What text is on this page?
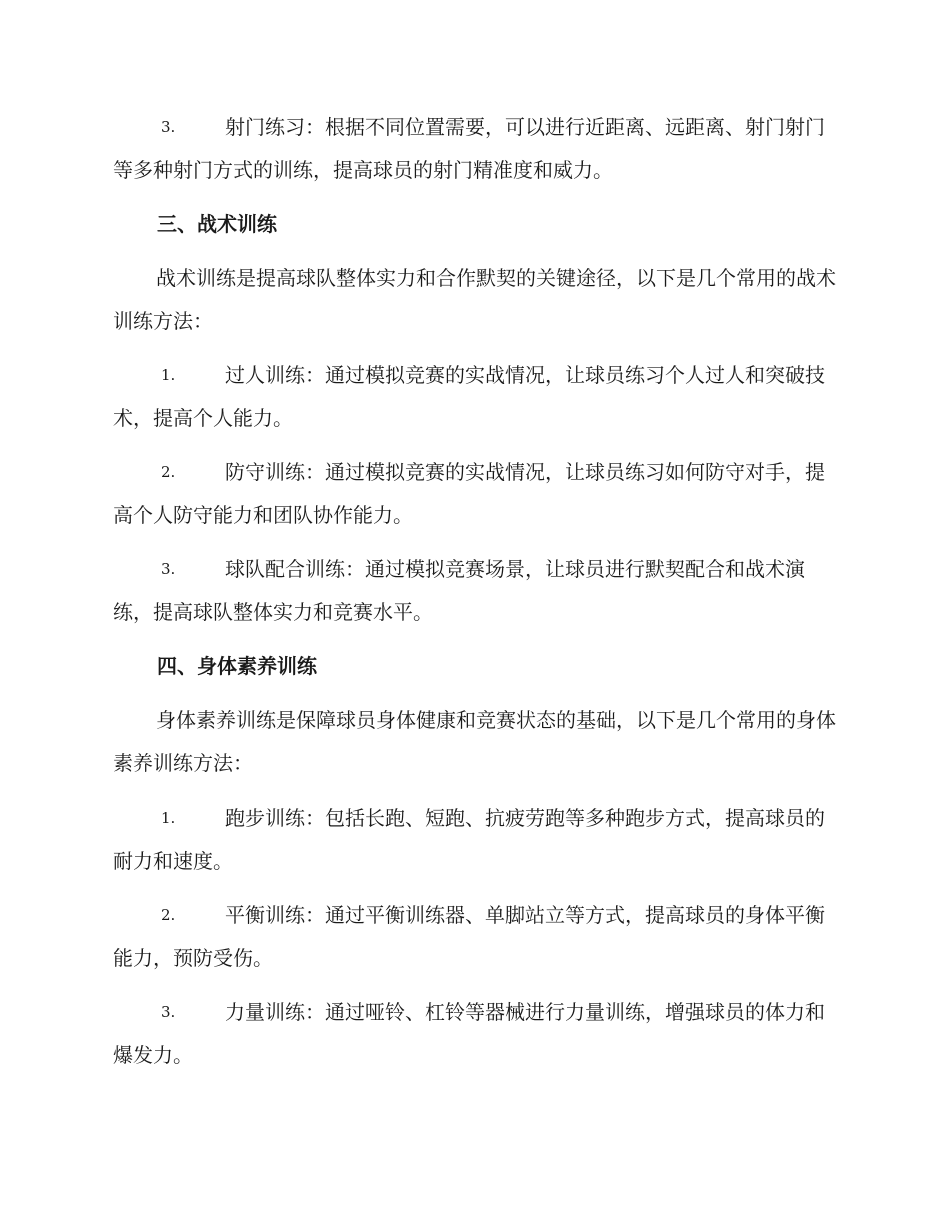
3.	射门练习：根据不同位置需要，可以进行近距离、远距离、射门射门等多种射门方式的训练，提高球员的射门精准度和威力。

三、战术训练

战术训练是提高球队整体实力和合作默契的关键途径，以下是几个常用的战术训练方法：

1.	过人训练：通过模拟竞赛的实战情况，让球员练习个人过人和突破技术，提高个人能力。

2.	防守训练：通过模拟竞赛的实战情况，让球员练习如何防守对手，提高个人防守能力和团队协作能力。

3.	球队配合训练：通过模拟竞赛场景，让球员进行默契配合和战术演练，提高球队整体实力和竞赛水平。

四、身体素养训练

身体素养训练是保障球员身体健康和竞赛状态的基础，以下是几个常用的身体素养训练方法：

1.	跑步训练：包括长跑、短跑、抗疲劳跑等多种跑步方式，提高球员的耐力和速度。

2.	平衡训练：通过平衡训练器、单脚站立等方式，提高球员的身体平衡能力，预防受伤。

3.	力量训练：通过哑铃、杠铃等器械进行力量训练，增强球员的体力和爆发力。
